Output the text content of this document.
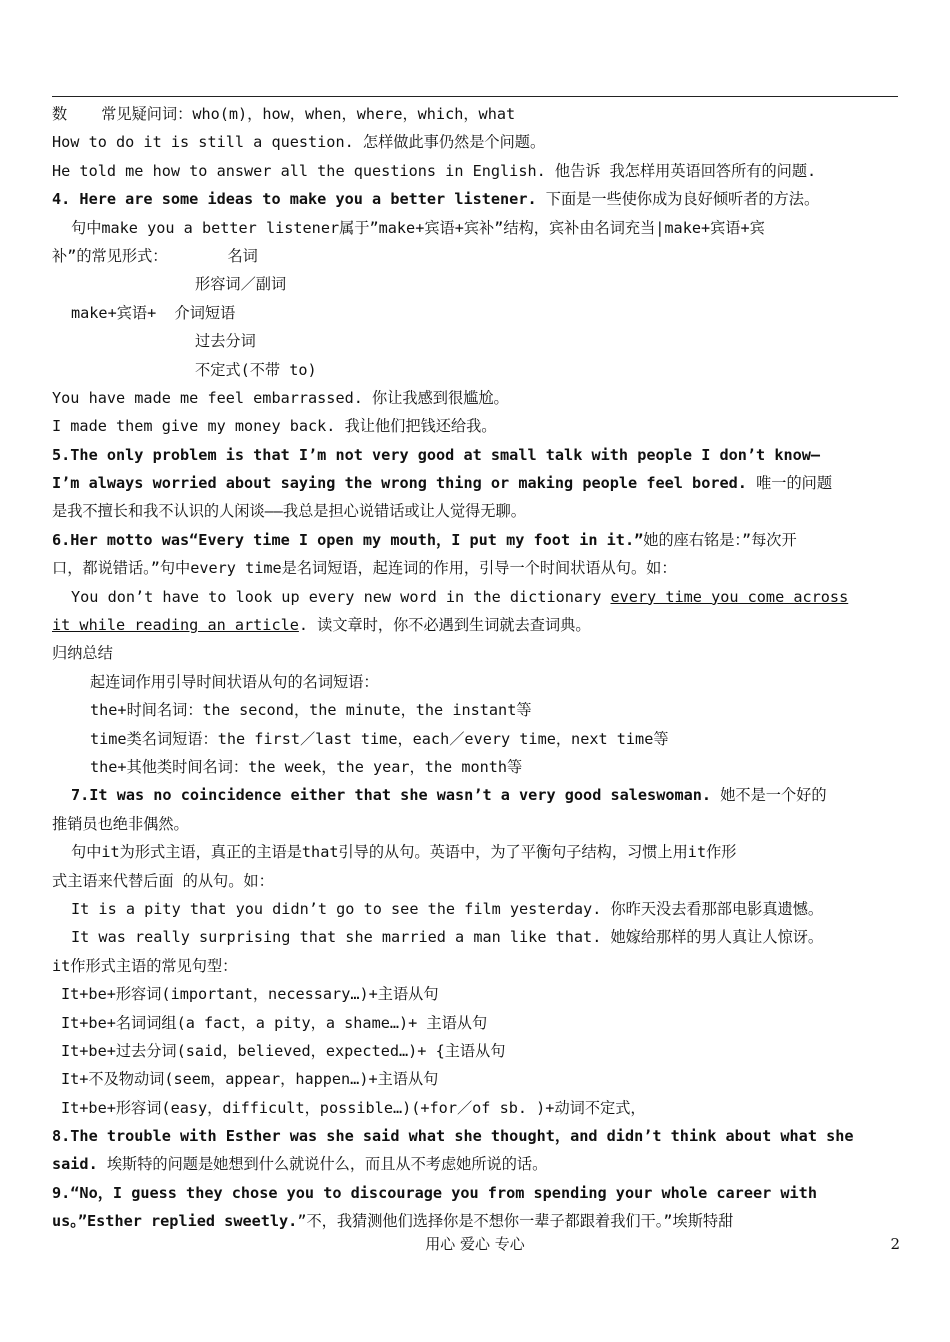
数 常见疑问词：who(m)，how，when，where，which，what
How to do it is still a question. 怎样做此事仍然是个问题。
He told me how to answer all the questions in English. 他告诉 我怎样用英语回答所有的问题.
4. Here are some ideas to make you a better listener. 下面是一些使你成为良好倾听者的方法。
句中make you a better listener属于”make+宾语+宾补”结构，宾补由名词充当|make+宾语+宾
补”的常见形式：	名词
形容词／副词
make+宾语+ 介词短语
过去分词
不定式(不带 to)
You have made me feel embarrassed. 你让我感到很尴尬。
I made them give my money back. 我让他们把钱还给我。
5.The only problem is that I’m not very good at small talk with people I don’t know—
I’m always worried about saying the wrong thing or making people feel bored. 唯一的问题
是我不擅长和我不认识的人闲谈——我总是担心说错话或让人觉得无聊。
6.Her motto was“Every time I open my mouth，I put my foot in it.”她的座右铭是：”每次开
口，都说错话。”句中every time是名词短语，起连词的作用，引导一个时间状语从句。如：
You don’t have to look up every new word in the dictionary every time you come across
it while reading an article. 读文章时，你不必遇到生词就去查词典。
归纳总结
起连词作用引导时间状语从句的名词短语：
the+时间名词：the second，the minute，the instant等
time类名词短语：the first／last time，each／every time，next time等
the+其他类时间名词：the week，the year，the month等
7.It was no coincidence either that she wasn’t a very good saleswoman. 她不是一个好的
推销员也绝非偶然。
句中it为形式主语，真正的主语是that引导的从句。英语中，为了平衡句子结构，习惯上用it作形
式主语来代替后面 的从句。如：
It is a pity that you didn’t go to see the film yesterday. 你昨天没去看那部电影真遗憾。
It was really surprising that she married a man like that. 她嫁给那样的男人真让人惊讶。
it作形式主语的常见句型：
It+be+形容词(important，necessary…)+主语从句
It+be+名词词组(a fact，a pity，a shame…)+ 主语从句
It+be+过去分词(said，believed，expected…)+ {主语从句
It+不及物动词(seem，appear，happen…)+主语从句
It+be+形容词(easy，difficult，possible…)(+for／of sb. )+动词不定式，
8.The trouble with Esther was she said what she thought，and didn’t think about what she
said. 埃斯特的问题是她想到什么就说什么，而且从不考虑她所说的话。
9.“No，I guess they chose you to discourage you from spending your whole career with
us。”Esther replied sweetly.”不，我猜测他们选择你是不想你一辈子都跟着我们干。”埃斯特甜
用心 爱心 专心	2
